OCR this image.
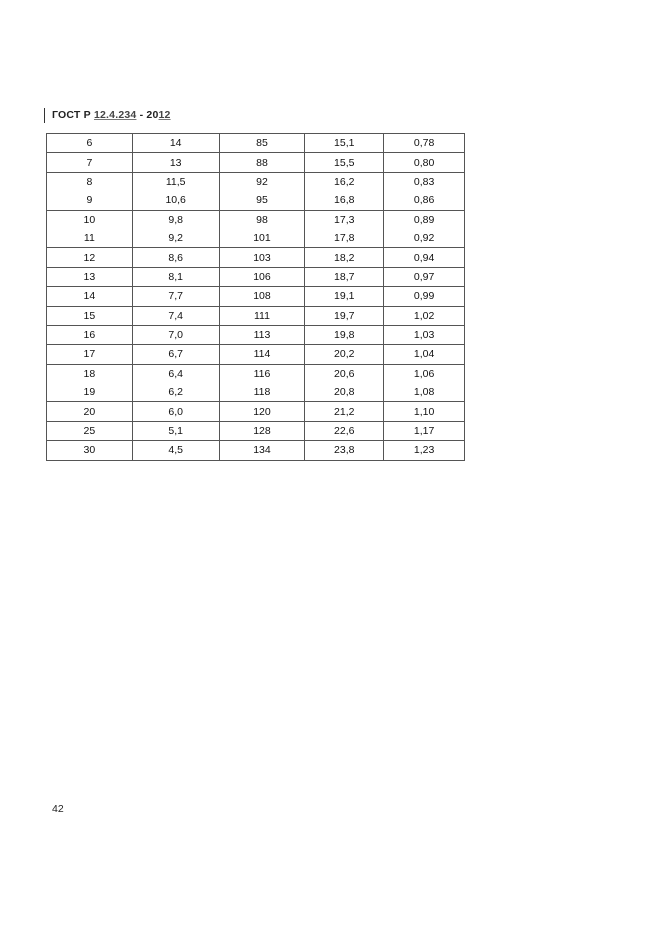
ГОСТ Р 12.4.234 - 2012
6	14	85	15,1	0,78
7	13	88	15,5	0,80
8	11,5	92	16,2	0,83
9	10,6	95	16,8	0,86
10	9,8	98	17,3	0,89
11	9,2	101	17,8	0,92
12	8,6	103	18,2	0,94
13	8,1	106	18,7	0,97
14	7,7	108	19,1	0,99
15	7,4	111	19,7	1,02
16	7,0	113	19,8	1,03
17	6,7	114	20,2	1,04
18	6,4	116	20,6	1,06
19	6,2	118	20,8	1,08
20	6,0	120	21,2	1,10
25	5,1	128	22,6	1,17
30	4,5	134	23,8	1,23
42
